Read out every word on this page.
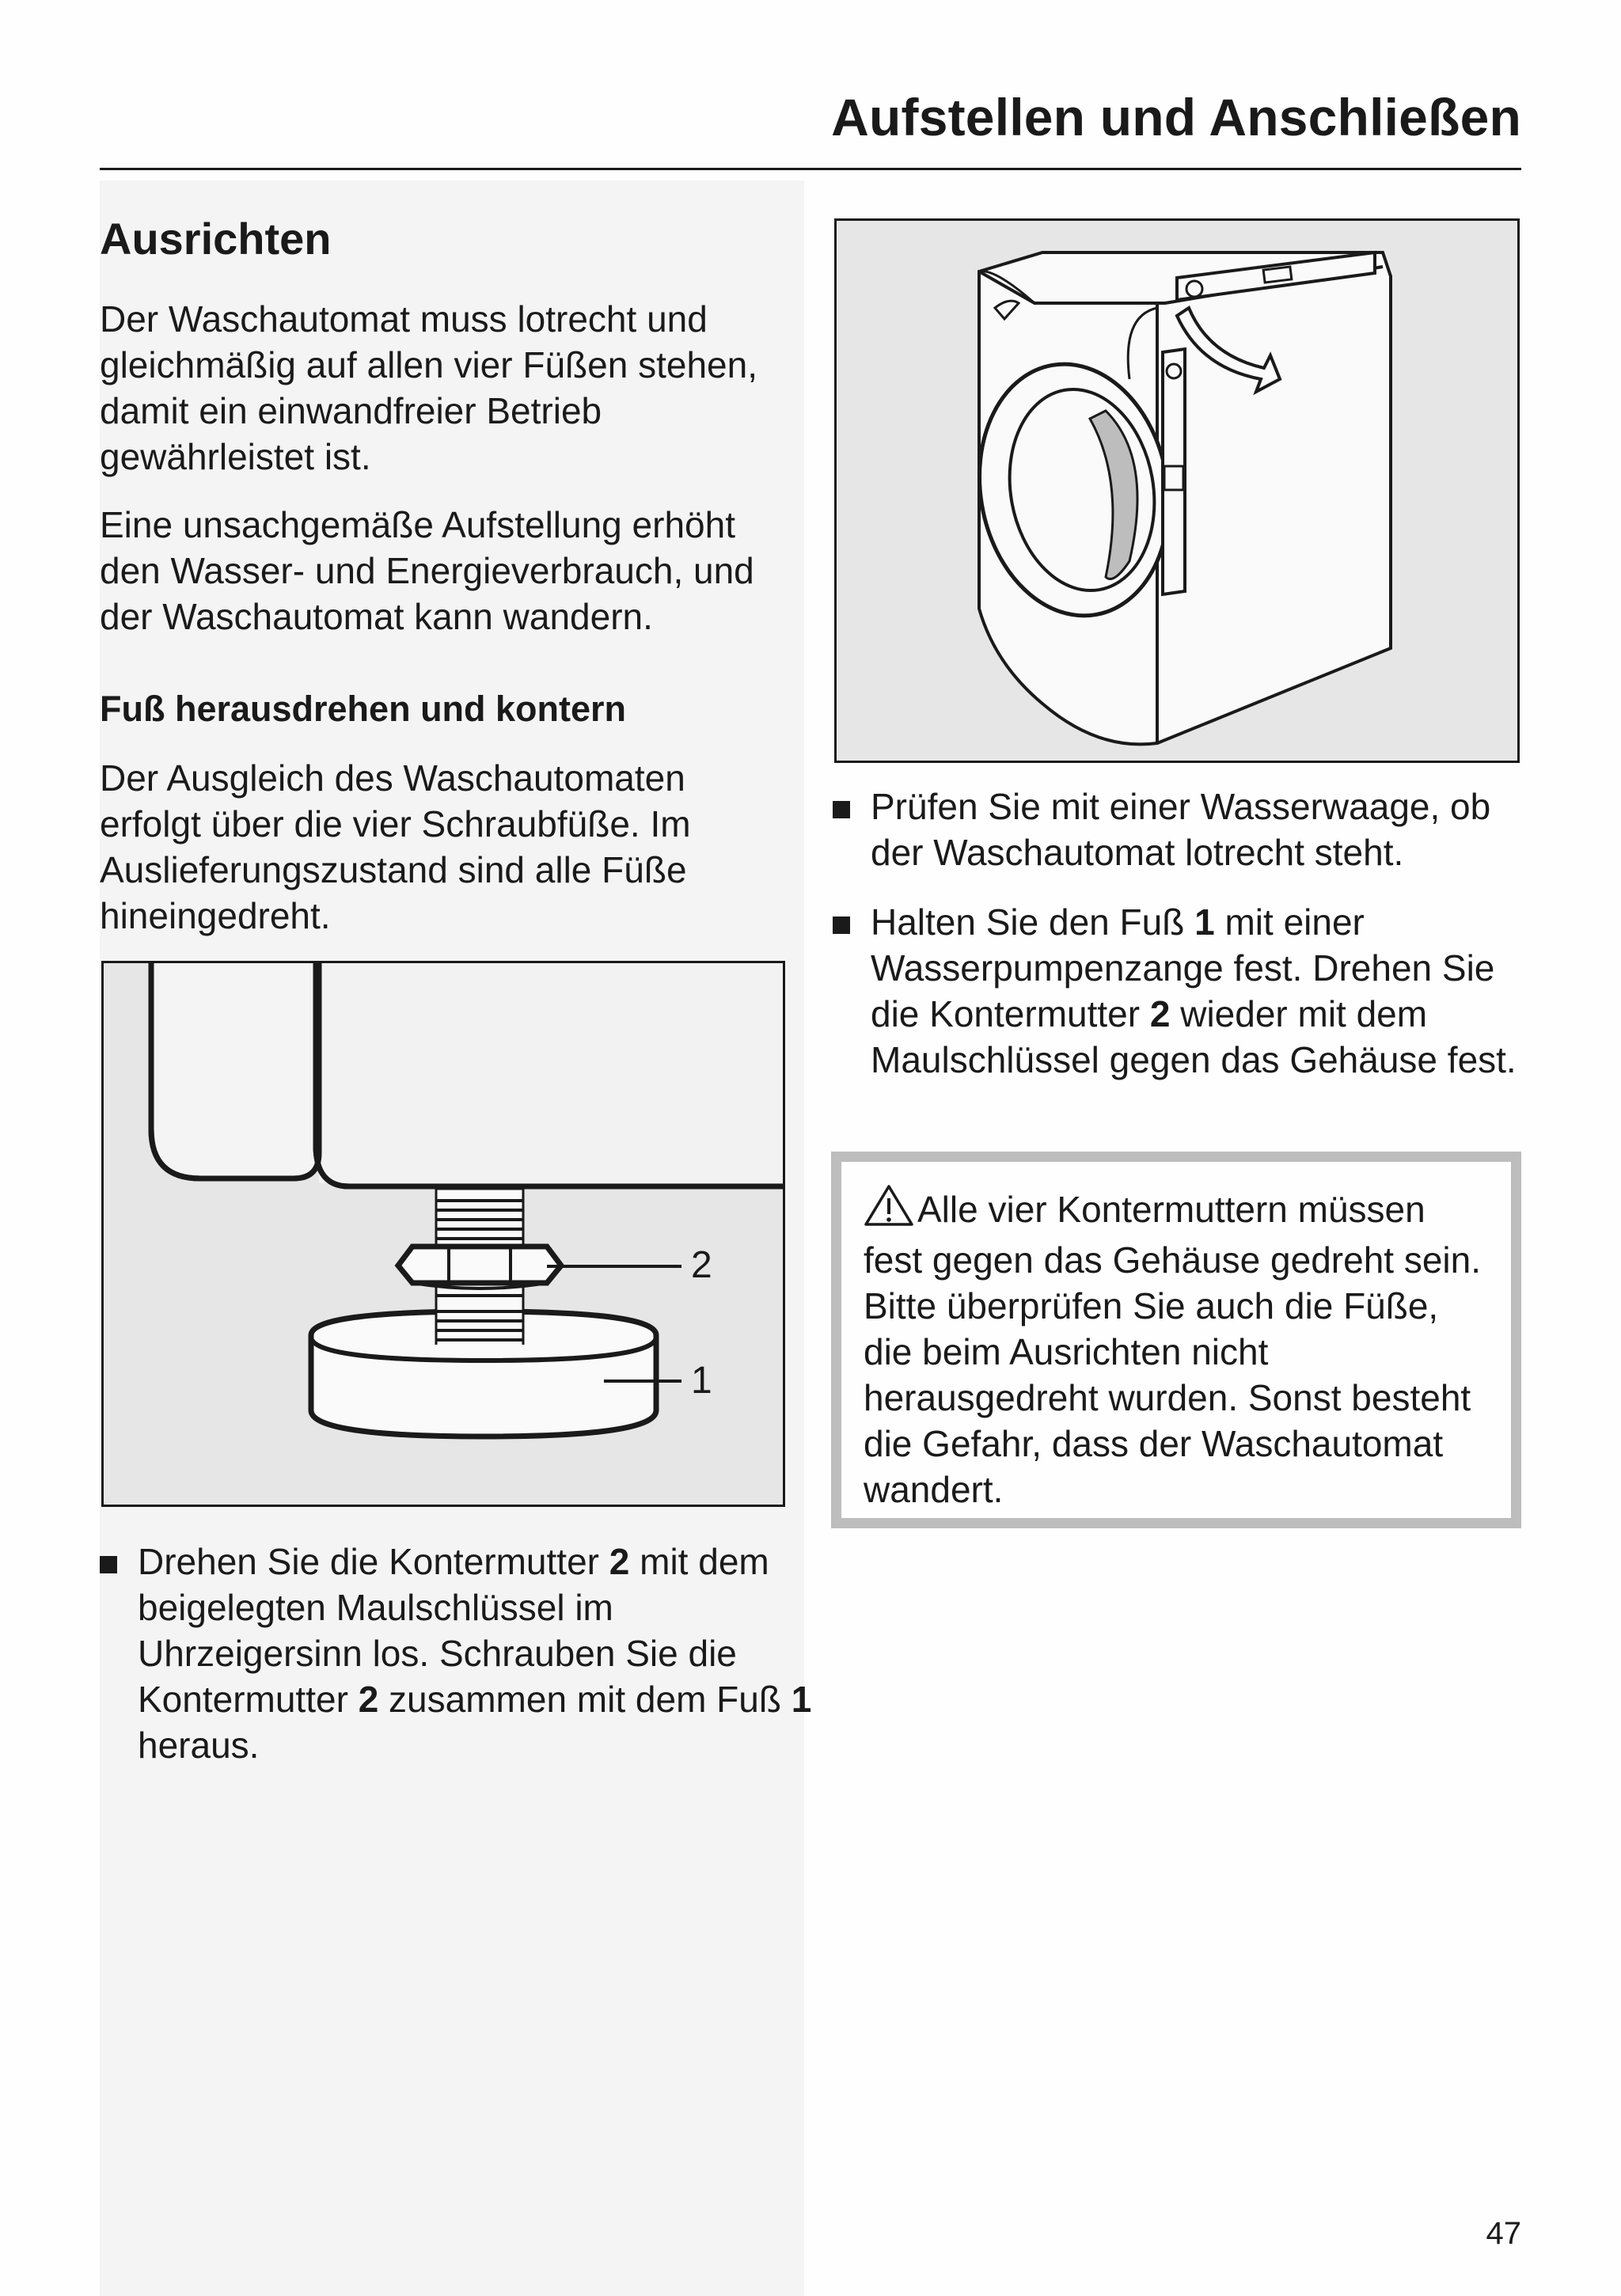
Aufstellen und Anschließen
Ausrichten

Der Waschautomat muss lotrecht und gleichmäßig auf allen vier Füßen stehen, damit ein einwandfreier Betrieb gewährleistet ist.

Eine unsachgemäße Aufstellung erhöht den Wasser- und Energieverbrauch, und der Waschautomat kann wandern.

Fuß herausdrehen und kontern

Der Ausgleich des Waschautomaten erfolgt über die vier Schraubfüße. Im Auslieferungszustand sind alle Füße hineingedreht.

2
1
Drehen Sie die Kontermutter 2 mit dem beigelegten Maulschlüssel im Uhrzeigersinn los. Schrauben Sie die Kontermutter 2 zusammen mit dem Fuß 1 heraus.
Prüfen Sie mit einer Wasserwaage, ob der Waschautomat lotrecht steht.
Halten Sie den Fuß 1 mit einer Wasserpumpenzange fest. Drehen Sie die Kontermutter 2 wieder mit dem Maulschlüssel gegen das Gehäuse fest.
Alle vier Kontermuttern müssen fest gegen das Gehäuse gedreht sein. Bitte überprüfen Sie auch die Füße, die beim Ausrichten nicht herausgedreht wurden. Sonst besteht die Gefahr, dass der Waschautomat wandert.
47
